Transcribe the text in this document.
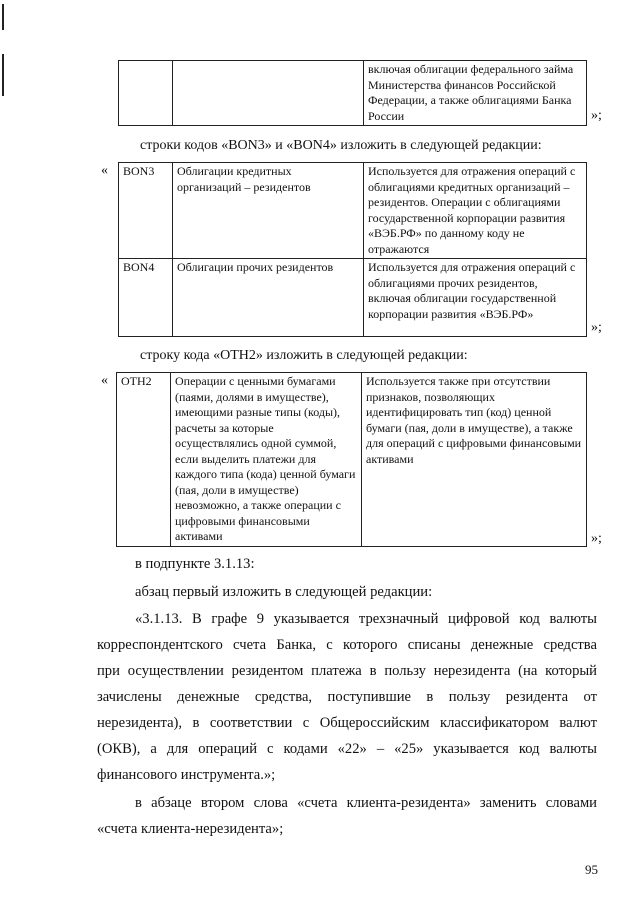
		включая облигации федерального займа Министерства финансов Российской Федерации, а также облигациями Банка России	»;
строки кодов «BON3» и «BON4» изложить в следующей редакции:
« BON3	Облигации кредитных организаций – резидентов	Используется для отражения операций с облигациями кредитных организаций – резидентов. Операции с облигациями государственной корпорации развития «ВЭБ.РФ» по данному коду не отражаются
BON4	Облигации прочих резидентов	Используется для отражения операций с облигациями прочих резидентов, включая облигации государственной корпорации развития «ВЭБ.РФ»
»;
строку кода «OTH2» изложить в следующей редакции:
« OTH2	Операции с ценными бумагами (паями, долями в имуществе), имеющими разные типы (коды), расчеты за которые осуществлялись одной суммой, если выделить платежи для каждого типа (кода) ценной бумаги (пая, доли в имуществе) невозможно, а также операции с цифровыми финансовыми активами	Используется также при отсутствии признаков, позволяющих идентифицировать тип (код) ценной бумаги (пая, доли в имуществе), а также для операций с цифровыми финансовыми активами
»;
в подпункте 3.1.13:
абзац первый изложить в следующей редакции:
«3.1.13. В графе 9 указывается трехзначный цифровой код валюты
корреспондентского счета Банка, с которого списаны денежные средства
при осуществлении резидентом платежа в пользу нерезидента (на который
зачислены денежные средства, поступившие в пользу резидента от
нерезидента), в соответствии с Общероссийским классификатором валют
(ОКВ), а для операций с кодами «22» – «25» указывается код валюты
финансового инструмента.»;
в абзаце втором слова «счета клиента-резидента» заменить словами
«счета клиента-нерезидента»;
95
